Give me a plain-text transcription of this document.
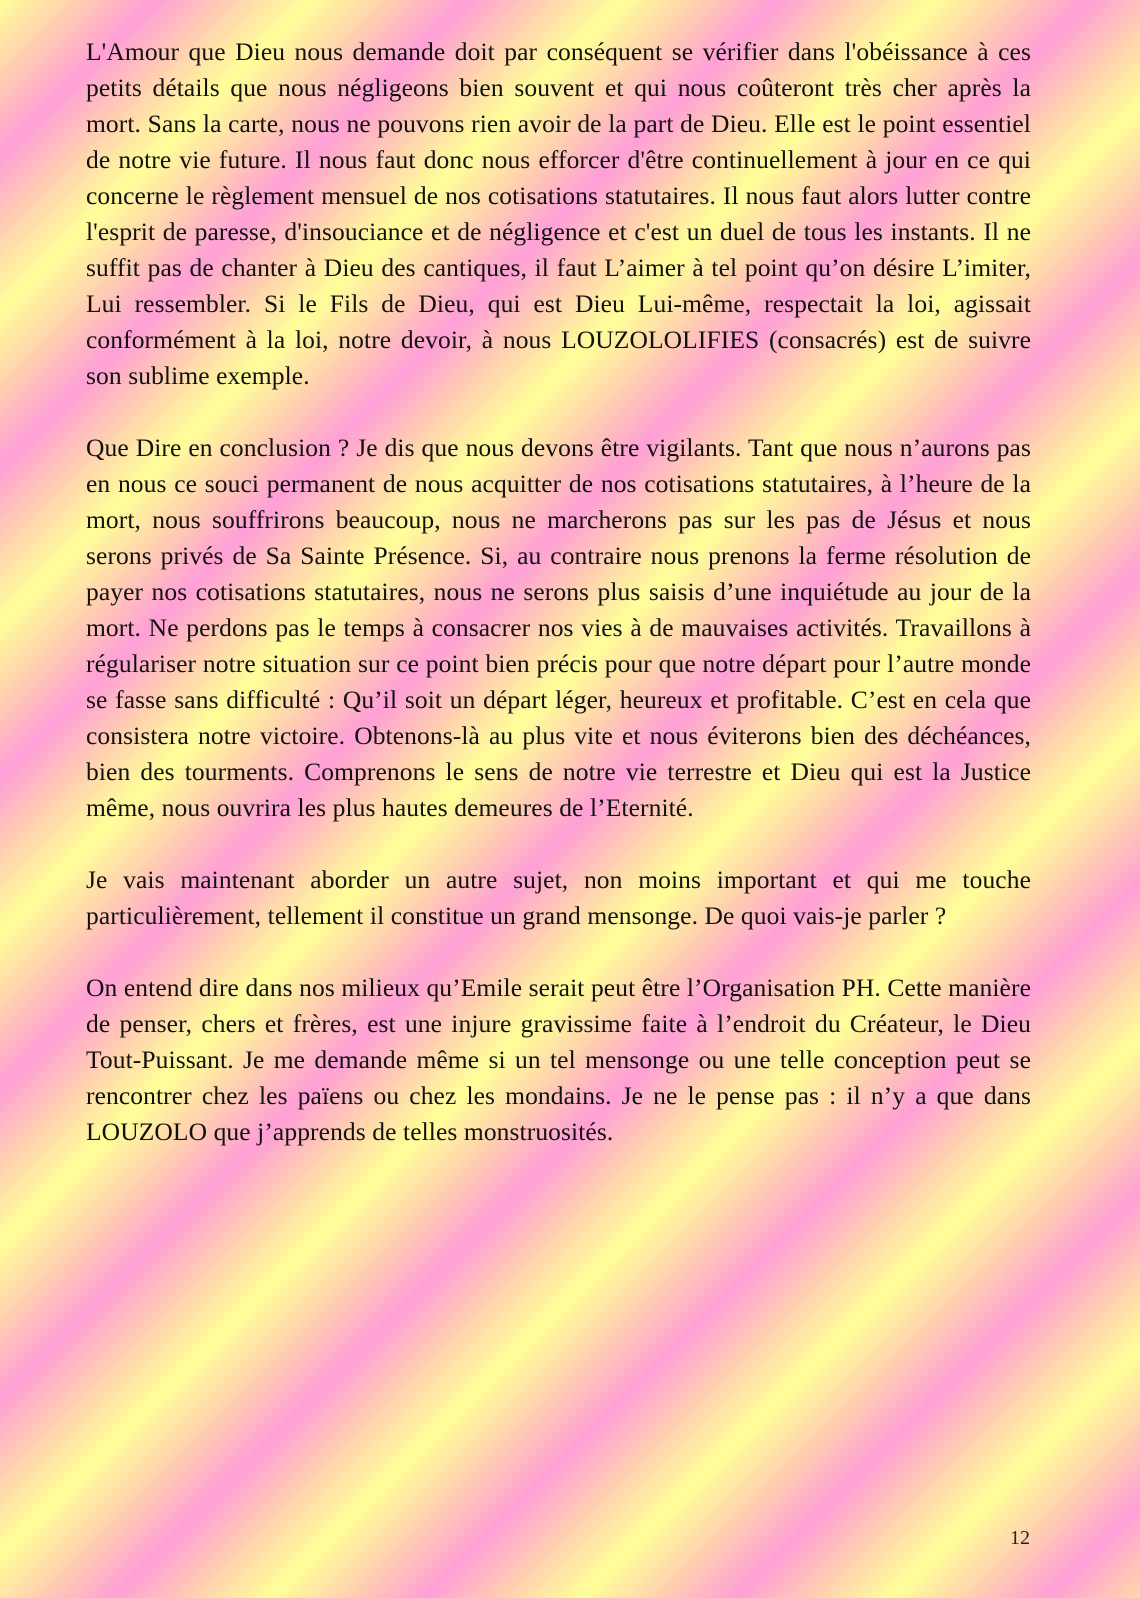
L'Amour que Dieu nous demande doit par conséquent se vérifier dans l'obéissance à ces petits détails que nous négligeons bien souvent et qui nous coûteront très cher après la mort. Sans la carte, nous ne pouvons rien avoir de la part de Dieu. Elle est le point essentiel de notre vie future. Il nous faut donc nous efforcer d'être continuellement à jour en ce qui concerne le règlement mensuel de nos cotisations statutaires. Il nous faut alors lutter contre l'esprit de paresse, d'insouciance et de négligence et c'est un duel de tous les instants. Il ne suffit pas de chanter à Dieu des cantiques, il faut L’aimer à tel point qu’on désire L’imiter, Lui ressembler. Si le Fils de Dieu, qui est Dieu Lui-même, respectait la loi, agissait conformément à la loi, notre devoir, à nous LOUZOLOLIFIES (consacrés) est de suivre son sublime exemple.

Que Dire en conclusion ? Je dis que nous devons être vigilants. Tant que nous n’aurons pas en nous ce souci permanent de nous acquitter de nos cotisations statutaires, à l’heure de la mort, nous souffrirons beaucoup, nous ne marcherons pas sur les pas de Jésus et nous serons privés de Sa Sainte Présence. Si, au contraire nous prenons la ferme résolution de payer nos cotisations statutaires, nous ne serons plus saisis d’une inquiétude au jour de la mort. Ne perdons pas le temps à consacrer nos vies à de mauvaises activités. Travaillons à régulariser notre situation sur ce point bien précis pour que notre départ pour l’autre monde se fasse sans difficulté : Qu’il soit un départ léger, heureux et profitable. C’est en cela que consistera notre victoire. Obtenons-là au plus vite et nous éviterons bien des déchéances, bien des tourments. Comprenons le sens de notre vie terrestre et Dieu qui est la Justice même, nous ouvrira les plus hautes demeures de l’Eternité.

Je vais maintenant aborder un autre sujet, non moins important et qui me touche particulièrement, tellement il constitue un grand mensonge. De quoi vais-je parler ?

On entend dire dans nos milieux qu’Emile serait peut être l’Organisation PH. Cette manière de penser, chers et frères, est une injure gravissime faite à l’endroit du Créateur, le Dieu Tout-Puissant. Je me demande même si un tel mensonge ou une telle conception peut se rencontrer chez les païens ou chez les mondains. Je ne le pense pas : il n’y a que dans LOUZOLO que j’apprends de telles monstruosités.

12
